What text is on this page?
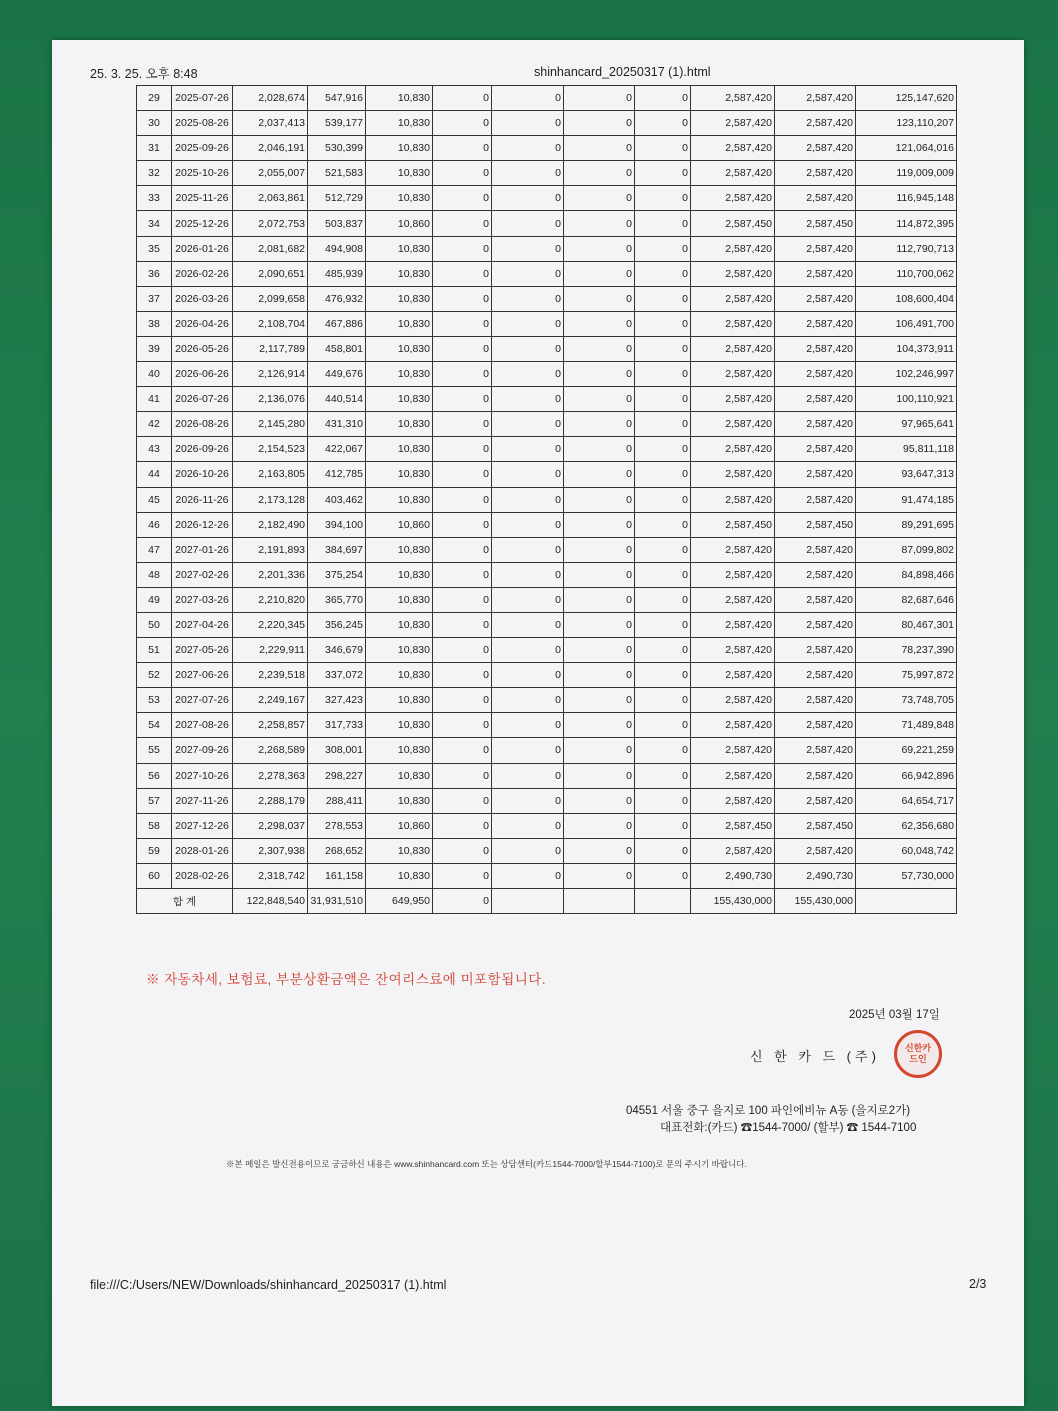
25. 3. 25. 오후 8:48	shinhancard_20250317 (1).html
29	2025-07-26	2,028,674	547,916	10,830	0	0	0	0	2,587,420	2,587,420	125,147,620
30	2025-08-26	2,037,413	539,177	10,830	0	0	0	0	2,587,420	2,587,420	123,110,207
31	2025-09-26	2,046,191	530,399	10,830	0	0	0	0	2,587,420	2,587,420	121,064,016
32	2025-10-26	2,055,007	521,583	10,830	0	0	0	0	2,587,420	2,587,420	119,009,009
33	2025-11-26	2,063,861	512,729	10,830	0	0	0	0	2,587,420	2,587,420	116,945,148
34	2025-12-26	2,072,753	503,837	10,860	0	0	0	0	2,587,450	2,587,450	114,872,395
35	2026-01-26	2,081,682	494,908	10,830	0	0	0	0	2,587,420	2,587,420	112,790,713
36	2026-02-26	2,090,651	485,939	10,830	0	0	0	0	2,587,420	2,587,420	110,700,062
37	2026-03-26	2,099,658	476,932	10,830	0	0	0	0	2,587,420	2,587,420	108,600,404
38	2026-04-26	2,108,704	467,886	10,830	0	0	0	0	2,587,420	2,587,420	106,491,700
39	2026-05-26	2,117,789	458,801	10,830	0	0	0	0	2,587,420	2,587,420	104,373,911
40	2026-06-26	2,126,914	449,676	10,830	0	0	0	0	2,587,420	2,587,420	102,246,997
41	2026-07-26	2,136,076	440,514	10,830	0	0	0	0	2,587,420	2,587,420	100,110,921
42	2026-08-26	2,145,280	431,310	10,830	0	0	0	0	2,587,420	2,587,420	97,965,641
43	2026-09-26	2,154,523	422,067	10,830	0	0	0	0	2,587,420	2,587,420	95,811,118
44	2026-10-26	2,163,805	412,785	10,830	0	0	0	0	2,587,420	2,587,420	93,647,313
45	2026-11-26	2,173,128	403,462	10,830	0	0	0	0	2,587,420	2,587,420	91,474,185
46	2026-12-26	2,182,490	394,100	10,860	0	0	0	0	2,587,450	2,587,450	89,291,695
47	2027-01-26	2,191,893	384,697	10,830	0	0	0	0	2,587,420	2,587,420	87,099,802
48	2027-02-26	2,201,336	375,254	10,830	0	0	0	0	2,587,420	2,587,420	84,898,466
49	2027-03-26	2,210,820	365,770	10,830	0	0	0	0	2,587,420	2,587,420	82,687,646
50	2027-04-26	2,220,345	356,245	10,830	0	0	0	0	2,587,420	2,587,420	80,467,301
51	2027-05-26	2,229,911	346,679	10,830	0	0	0	0	2,587,420	2,587,420	78,237,390
52	2027-06-26	2,239,518	337,072	10,830	0	0	0	0	2,587,420	2,587,420	75,997,872
53	2027-07-26	2,249,167	327,423	10,830	0	0	0	0	2,587,420	2,587,420	73,748,705
54	2027-08-26	2,258,857	317,733	10,830	0	0	0	0	2,587,420	2,587,420	71,489,848
55	2027-09-26	2,268,589	308,001	10,830	0	0	0	0	2,587,420	2,587,420	69,221,259
56	2027-10-26	2,278,363	298,227	10,830	0	0	0	0	2,587,420	2,587,420	66,942,896
57	2027-11-26	2,288,179	288,411	10,830	0	0	0	0	2,587,420	2,587,420	64,654,717
58	2027-12-26	2,298,037	278,553	10,860	0	0	0	0	2,587,450	2,587,450	62,356,680
59	2028-01-26	2,307,938	268,652	10,830	0	0	0	0	2,587,420	2,587,420	60,048,742
60	2028-02-26	2,318,742	161,158	10,830	0	0	0	0	2,490,730	2,490,730	57,730,000
합 계		122,848,540	31,931,510	649,950	0				155,430,000	155,430,000	
※ 자동차세, 보험료, 부분상환금액은 잔여리스료에 미포함됩니다.
2025년 03월 17일
신 한 카 드 (주)
신한카드인
04551 서울 중구 을지로 100 파인에비뉴 A동 (을지로2가)
대표전화:(카드) ☎1544-7000/ (할부) ☎ 1544-7100
※본 메일은 발신전용이므로 궁금하신 내용은 www.shinhancard.com 또는 상담센터(카드1544-7000/할부1544-7100)로 문의 주시기 바랍니다.
file:///C:/Users/NEW/Downloads/shinhancard_20250317 (1).html	2/3
